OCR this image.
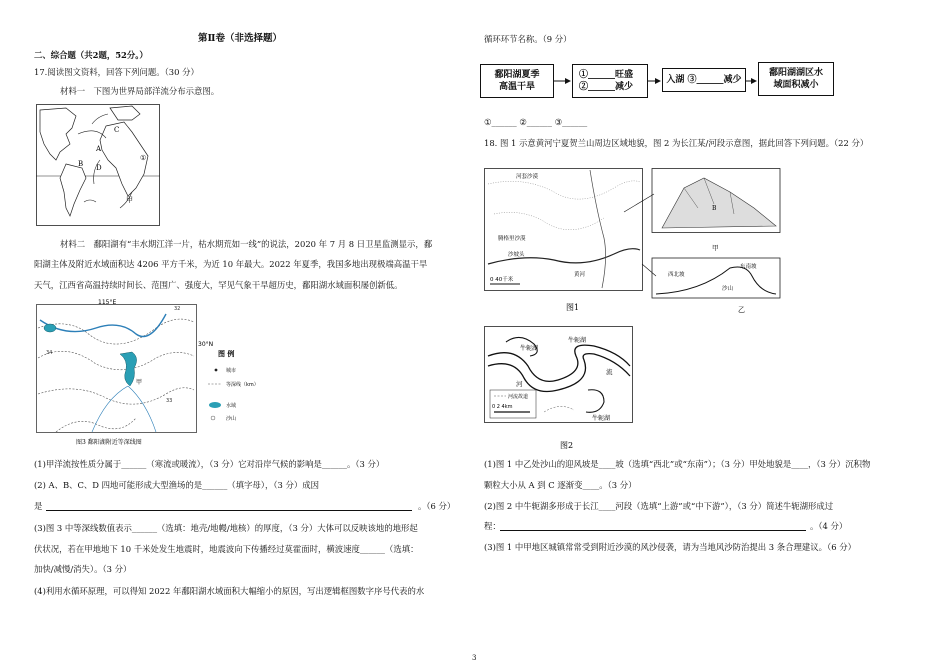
第Ⅱ卷（非选择题）
二、综合题（共2题，52分。）
17.阅读图文资料，回答下列问题。（30 分）
材料一　下图为世界局部洋流分布示意图。
①
A
B
C
D
甲
材料二　鄱阳湖有“丰水期江洋一片，枯水期荒如一线”的说法，2020 年 7 月 8 日卫星监测显示，鄱
阳湖主体及附近水域面积达 4206 平方千米，为近 10 年最大。2022 年夏季，我国多地出现极端高温干旱
天气，江西省高温持续时间长、范围广、强度大，罕见气象干旱超历史，鄱阳湖水域面积屡创新低。
115°E
30°N
32
34
33
甲
图 例
城市
等深线（km）
水域
沙山
图3 鄱阳湖附近等深线图
(1)甲洋流按性质分属于______（寒流或暖流），（3 分）它对沿岸气候的影响是______。（3 分）
(2) A、B、C、D 四地可能形成大型渔场的是______（填字母），（3 分）成因
是	。（6 分）
(3)图 3 中等深线数值表示______（选填：地壳/地幔/地核）的厚度，（3 分）大体可以反映该地的地形起
伏状况，若在甲地地下 10 千米处发生地震时，地震波向下传播经过莫霍面时，横波速度______（选填：
加快/减慢/消失）。（3 分）
(4)利用水循环原理，可以得知 2022 年鄱阳湖水域面积大幅缩小的原因，写出逻辑框图数字序号代表的水
循环环节名称。（9 分）
鄱阳湖夏季
高温干旱
①______旺盛
②______减少
入湖 ③______减少
鄱阳湖湖区水
域面积减小
①______ ②______ ③______
18. 图 1 示意黄河宁夏贺兰山周边区域地貌，图 2 为长江某/河段示意图，据此回答下列问题。（22 分）
腾格里沙漠
沙坡头
河套沙漠
黄河
0 40千米
B
甲
西北坡
东南坡
沙山
乙
图1
牛轭湖
牛轭湖
牛轭湖
河
流
河流故道
0 2 4km
图2
(1)图 1 中乙处沙山的迎风坡是____坡（选填“西北”或“东南”）；（3 分）甲处地貌是____，（3 分）沉积物
颗粒大小从 A 到 C 逐渐变____。（3 分）
(2)图 2 中牛轭湖多形成于长江____河段（选填“上游”或“中下游”），（3 分）简述牛轭湖形成过
程：	。（4 分）
(3)图 1 中甲地区城镇常常受到附近沙漠的风沙侵袭，请为当地风沙防治提出 3 条合理建议。（6 分）
3
